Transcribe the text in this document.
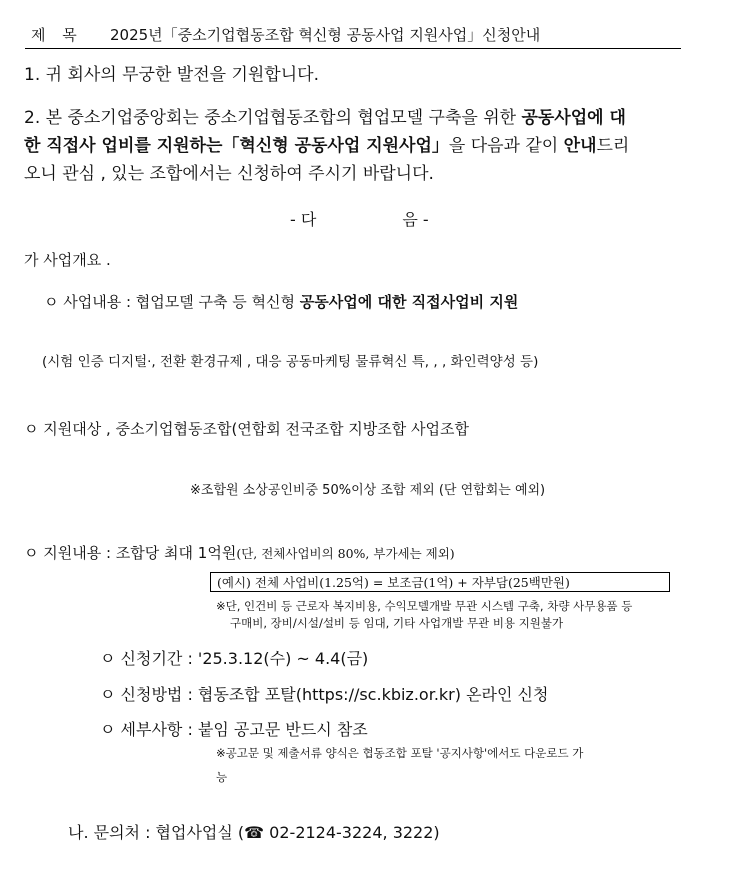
제 목 2025년「중소기업협동조합 혁신형 공동사업 지원사업」신청안내
1. 귀 회사의 무궁한 발전을 기원합니다.
2. 본 중소기업중앙회는 중소기업협동조합의 협업모델 구축을 위한 공동사업에 대
한 직접사 업비를 지원하는「혁신형 공동사업 지원사업」을 다음과 같이 안내드리
오니 관심 , 있는 조합에서는 신청하여 주시기 바랍니다.
- 다	음 -
가 사업개요 .
ㅇ 사업내용 : 협업모델 구축 등 혁신형 공동사업에 대한 직접사업비 지원
(시험 인증 디지털·, 전환 환경규제 , 대응 공동마케팅 물류혁신 특, , , 화인력양성 등)
ㅇ 지원대상 , 중소기업협동조합(연합회 전국조합 지방조합 사업조합
※조합원 소상공인비중 50%이상 조합 제외 (단 연합회는 예외)
ㅇ 지원내용 : 조합당 최대 1억원(단, 전체사업비의 80%, 부가세는 제외)
(예시) 전체 사업비(1.25억) = 보조금(1억) + 자부담(25백만원)
※단, 인건비 등 근로자 복지비용, 수익모델개발 무관 시스템 구축, 차량 사무용품 등
구매비, 장비/시설/설비 등 임대, 기타 사업개발 무관 비용 지원불가
ㅇ 신청기간 : '25.3.12(수) ~ 4.4(금)
ㅇ 신청방법 : 협동조합 포탈(https://sc.kbiz.or.kr) 온라인 신청
ㅇ 세부사항 : 붙임 공고문 반드시 참조
※공고문 및 제출서류 양식은 협동조합 포탈 '공지사항'에서도 다운로드 가
능
나. 문의처 : 협업사업실 (☎ 02-2124-3224, 3222)
